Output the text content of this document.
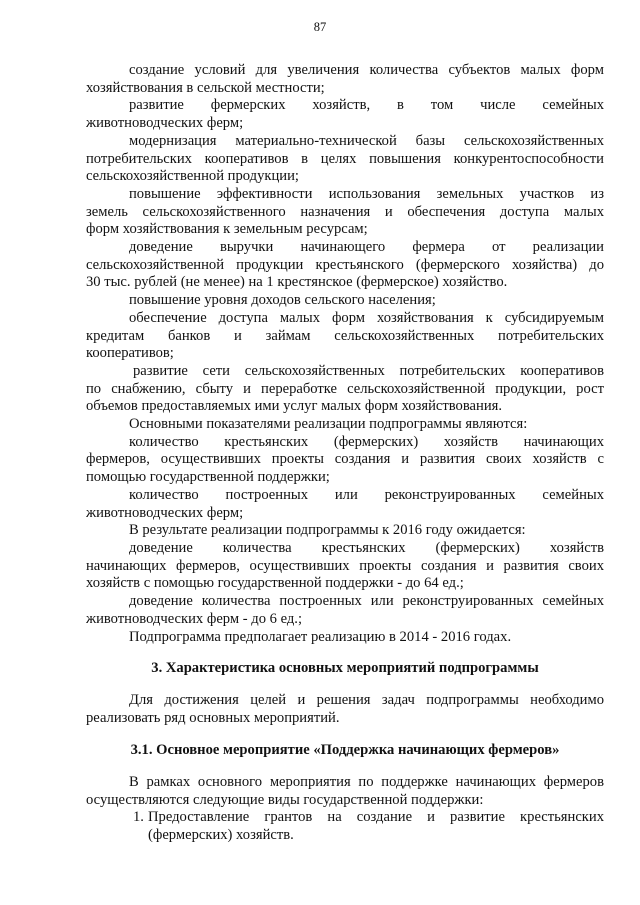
87
создание условий для увеличения количества субъектов малых форм
хозяйствования в сельской местности;
развитие фермерских хозяйств, в том числе семейных
животноводческих ферм;
модернизация материально-технической базы сельскохозяйственных
потребительских кооперативов в целях повышения конкурентоспособности
сельскохозяйственной продукции;
повышение эффективности использования земельных участков из
земель сельскохозяйственного назначения и обеспечения доступа малых
форм хозяйствования к земельным ресурсам;
доведение выручки начинающего фермера от реализации
сельскохозяйственной продукции крестьянского (фермерского хозяйства) до
30 тыс. рублей (не менее) на 1 крестянское (фермерское) хозяйство.
повышение уровня доходов сельского населения;
обеспечение доступа малых форм хозяйствования к субсидируемым
кредитам банков и займам сельскохозяйственных потребительских
кооперативов;
развитие сети сельскохозяйственных потребительских кооперативов
по снабжению, сбыту и переработке сельскохозяйственной продукции, рост
объемов предоставляемых ими услуг малых форм хозяйствования.
Основными показателями реализации подпрограммы являются:
количество крестьянских (фермерских) хозяйств начинающих
фермеров, осуществивших проекты создания и развития своих хозяйств с
помощью государственной поддержки;
количество построенных или реконструированных семейных
животноводческих ферм;
В результате реализации подпрограммы к 2016 году ожидается:
доведение количества крестьянских (фермерских) хозяйств
начинающих фермеров, осуществивших проекты создания и развития своих
хозяйств с помощью государственной поддержки - до 64 ед.;
доведение количества построенных или реконструированных семейных
животноводческих ферм - до 6 ед.;
Подпрограмма предполагает реализацию в 2014 - 2016 годах.
3. Характеристика основных мероприятий подпрограммы
Для достижения целей и решения задач подпрограммы необходимо
реализовать ряд основных мероприятий.
3.1. Основное мероприятие «Поддержка начинающих фермеров»
В рамках основного мероприятия по поддержке начинающих фермеров
осуществляются следующие виды государственной поддержки:
1. Предоставление грантов на создание и развитие крестьянских
(фермерских) хозяйств.
